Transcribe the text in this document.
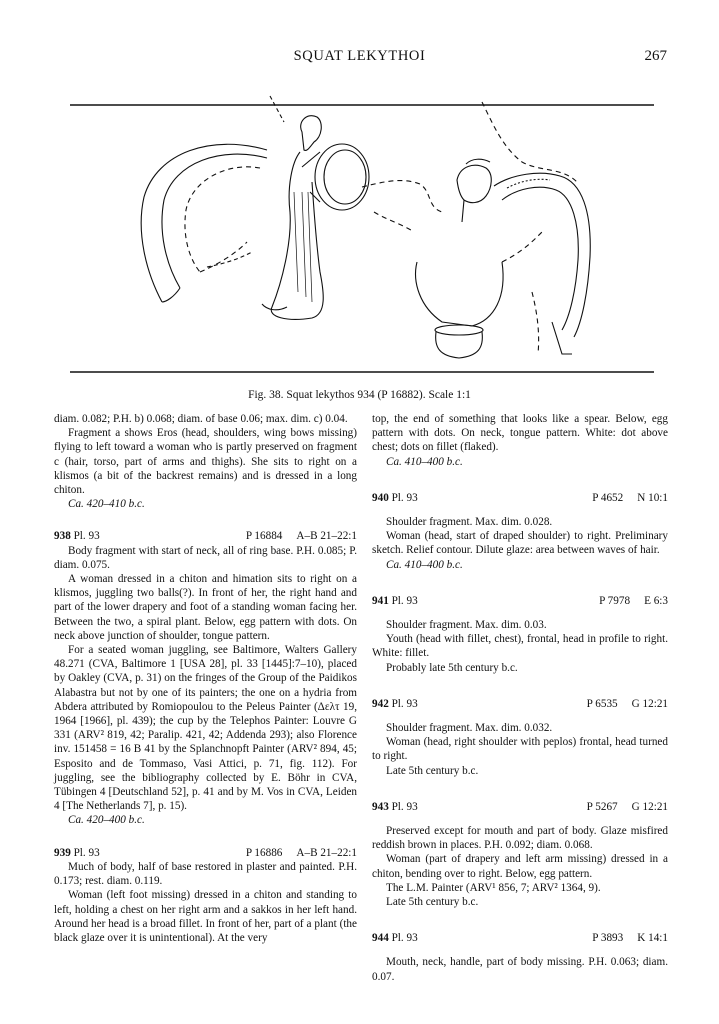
SQUAT LEKYTHOI	267
Fig. 38. Squat lekythos 934 (P 16882). Scale 1:1

diam. 0.082; P.H. b) 0.068; diam. of base 0.06; max. dim. c) 0.04.

Fragment a shows Eros (head, shoulders, wing bows missing) flying to left toward a woman who is partly preserved on fragment c (hair, torso, part of arms and thighs). She sits to right on a klismos (a bit of the backrest remains) and is dressed in a long chiton.

Ca. 420–410 b.c.

938 Pl. 93	P 16884 A–B 21–22:1

Body fragment with start of neck, all of ring base. P.H. 0.085; P. diam. 0.075.

A woman dressed in a chiton and himation sits to right on a klismos, juggling two balls(?). In front of her, the right hand and part of the lower drapery and foot of a standing woman facing her. Between the two, a spiral plant. Below, egg pattern with dots. On neck above junction of shoulder, tongue pattern.

For a seated woman juggling, see Baltimore, Walters Gallery 48.271 (CVA, Baltimore 1 [USA 28], pl. 33 [1445]:7–10), placed by Oakley (CVA, p. 31) on the fringes of the Group of the Paidikos Alabastra but not by one of its painters; the one on a hydria from Abdera attributed by Romiopoulou to the Peleus Painter (Δελτ 19, 1964 [1966], pl. 439); the cup by the Telephos Painter: Louvre G 331 (ARV² 819, 42; Paralip. 421, 42; Addenda 293); also Florence inv. 151458 = 16 B 41 by the Splanchnopft Painter (ARV² 894, 45; Esposito and de Tommaso, Vasi Attici, p. 71, fig. 112). For juggling, see the bibliography collected by E. Böhr in CVA, Tübingen 4 [Deutschland 52], p. 41 and by M. Vos in CVA, Leiden 4 [The Netherlands 7], p. 15).

Ca. 420–400 b.c.

939 Pl. 93	P 16886 A–B 21–22:1

Much of body, half of base restored in plaster and painted. P.H. 0.173; rest. diam. 0.119.

Woman (left foot missing) dressed in a chiton and standing to left, holding a chest on her right arm and a sakkos in her left hand. Around her head is a broad fillet. In front of her, part of a plant (the black glaze over it is unintentional). At the very

top, the end of something that looks like a spear. Below, egg pattern with dots. On neck, tongue pattern. White: dot above chest; dots on fillet (flaked).

Ca. 410–400 b.c.

940 Pl. 93	P 4652 N 10:1

Shoulder fragment. Max. dim. 0.028.

Woman (head, start of draped shoulder) to right. Preliminary sketch. Relief contour. Dilute glaze: area between waves of hair.

Ca. 410–400 b.c.

941 Pl. 93	P 7978 E 6:3

Shoulder fragment. Max. dim. 0.03.

Youth (head with fillet, chest), frontal, head in profile to right. White: fillet.

Probably late 5th century b.c.

942 Pl. 93	P 6535 G 12:21

Shoulder fragment. Max. dim. 0.032.

Woman (head, right shoulder with peplos) frontal, head turned to right.

Late 5th century b.c.

943 Pl. 93	P 5267 G 12:21

Preserved except for mouth and part of body. Glaze misfired reddish brown in places. P.H. 0.092; diam. 0.068.

Woman (part of drapery and left arm missing) dressed in a chiton, bending over to right. Below, egg pattern.

The L.M. Painter (ARV¹ 856, 7; ARV² 1364, 9).

Late 5th century b.c.

944 Pl. 93	P 3893 K 14:1

Mouth, neck, handle, part of body missing. P.H. 0.063; diam. 0.07.
